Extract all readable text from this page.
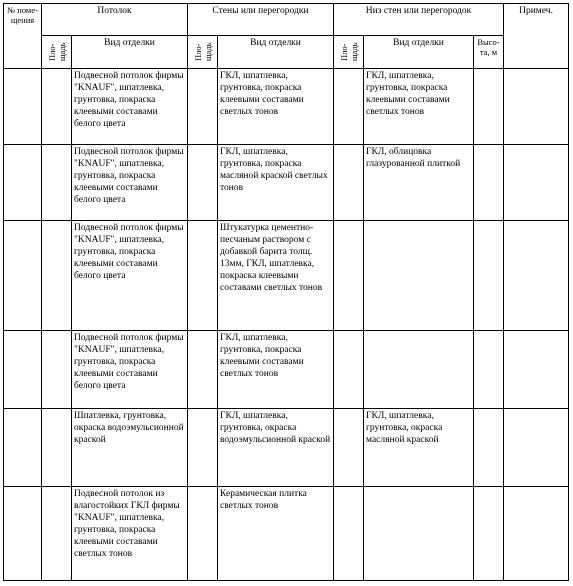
№ поме-щения	Потолок		Стены или перегородки		Низ стен или перегородок			Примеч.

	Пло-щадь	Вид отделки	Пло-щадь	Вид отделки	Пло-щадь	Вид отделки	Высо-та, м	
		Подвесной потолок фирмы "KNAUF", шпатлевка, грунтовка, покраска клеевыми составами белого цвета		ГКЛ, шпатлевка, грунтовка, покраска клеевыми составами светлых тонов		ГКЛ, шпатлевка, грунтовка, покраска клеевыми составами светлых тонов		
		Подвесной потолок фирмы "KNAUF", шпатлевка, грунтовка, покраска клеевыми составами белого цвета		ГКЛ, шпатлевка, грунтовка, покраска масляной краской светлых тонов		ГКЛ, облицовка глазурованной плиткой		
		Подвесной потолок фирмы "KNAUF", шпатлевка, грунтовка, покраска клеевыми составами белого цвета		Штукатурка цементно-песчаным раствором с добавкой барита толщ. 13мм, ГКЛ, шпатлевка, покраска клеевыми составами светлых тонов				
		Подвесной потолок фирмы "KNAUF", шпатлевка, грунтовка, покраска клеевыми составами белого цвета		ГКЛ, шпатлевка, грунтовка, покраска клеевыми составами светлых тонов				
		Шпатлевка, грунтовка, окраска водоэмульсионной краской		ГКЛ, шпатлевка, грунтовка, окраска водоэмульсионной краской		ГКЛ, шпатлевка, грунтовка, окраска масляной краской		
		Подвесной потолок из влагостойких ГКЛ фирмы "KNAUF", шпатлевка, грунтовка, покраска клеевыми составами светлых тонов		Керамическая плитка светлых тонов				
